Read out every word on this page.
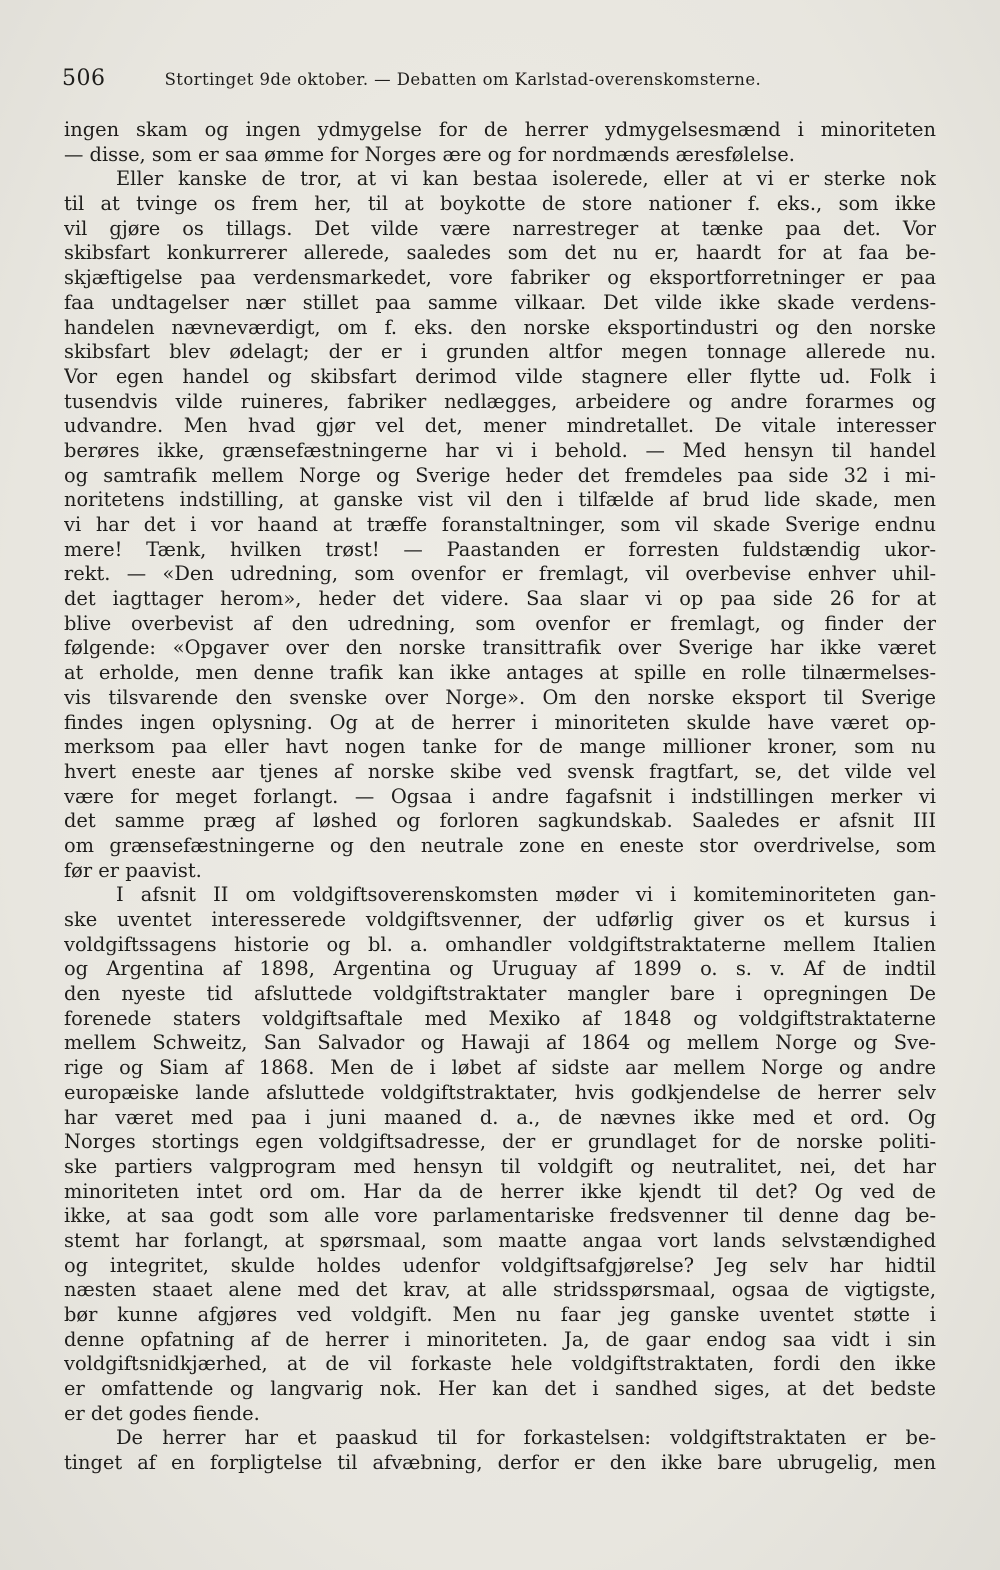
506	Stortinget 9de oktober. — Debatten om Karlstad-overenskomsterne.
ingen skam og ingen ydmygelse for de herrer ydmygelsesmænd i minoriteten
— disse, som er saa ømme for Norges ære og for nordmænds æresfølelse.
Eller kanske de tror, at vi kan bestaa isolerede, eller at vi er sterke nok
til at tvinge os frem her, til at boykotte de store nationer f. eks., som ikke
vil gjøre os tillags. Det vilde være narrestreger at tænke paa det. Vor
skibsfart konkurrerer allerede, saaledes som det nu er, haardt for at faa be-
skjæftigelse paa verdensmarkedet, vore fabriker og eksportforretninger er paa
faa undtagelser nær stillet paa samme vilkaar. Det vilde ikke skade verdens-
handelen nævneværdigt, om f. eks. den norske eksportindustri og den norske
skibsfart blev ødelagt; der er i grunden altfor megen tonnage allerede nu.
Vor egen handel og skibsfart derimod vilde stagnere eller flytte ud. Folk i
tusendvis vilde ruineres, fabriker nedlægges, arbeidere og andre forarmes og
udvandre. Men hvad gjør vel det, mener mindretallet. De vitale interesser
berøres ikke, grænsefæstningerne har vi i behold. — Med hensyn til handel
og samtrafik mellem Norge og Sverige heder det fremdeles paa side 32 i mi-
noritetens indstilling, at ganske vist vil den i tilfælde af brud lide skade, men
vi har det i vor haand at træffe foranstaltninger, som vil skade Sverige endnu
mere! Tænk, hvilken trøst! — Paastanden er forresten fuldstændig ukor-
rekt. — «Den udredning, som ovenfor er fremlagt, vil overbevise enhver uhil-
det iagttager herom», heder det videre. Saa slaar vi op paa side 26 for at
blive overbevist af den udredning, som ovenfor er fremlagt, og finder der
følgende: «Opgaver over den norske transittrafik over Sverige har ikke været
at erholde, men denne trafik kan ikke antages at spille en rolle tilnærmelses-
vis tilsvarende den svenske over Norge». Om den norske eksport til Sverige
findes ingen oplysning. Og at de herrer i minoriteten skulde have været op-
merksom paa eller havt nogen tanke for de mange millioner kroner, som nu
hvert eneste aar tjenes af norske skibe ved svensk fragtfart, se, det vilde vel
være for meget forlangt. — Ogsaa i andre fagafsnit i indstillingen merker vi
det samme præg af løshed og forloren sagkundskab. Saaledes er afsnit III
om grænsefæstningerne og den neutrale zone en eneste stor overdrivelse, som
før er paavist.
I afsnit II om voldgiftsoverenskomsten møder vi i komiteminoriteten gan-
ske uventet interesserede voldgiftsvenner, der udførlig giver os et kursus i
voldgiftssagens historie og bl. a. omhandler voldgiftstraktaterne mellem Italien
og Argentina af 1898, Argentina og Uruguay af 1899 o. s. v. Af de indtil
den nyeste tid afsluttede voldgiftstraktater mangler bare i opregningen De
forenede staters voldgiftsaftale med Mexiko af 1848 og voldgiftstraktaterne
mellem Schweitz, San Salvador og Hawaji af 1864 og mellem Norge og Sve-
rige og Siam af 1868. Men de i løbet af sidste aar mellem Norge og andre
europæiske lande afsluttede voldgiftstraktater, hvis godkjendelse de herrer selv
har været med paa i juni maaned d. a., de nævnes ikke med et ord. Og
Norges stortings egen voldgiftsadresse, der er grundlaget for de norske politi-
ske partiers valgprogram med hensyn til voldgift og neutralitet, nei, det har
minoriteten intet ord om. Har da de herrer ikke kjendt til det? Og ved de
ikke, at saa godt som alle vore parlamentariske fredsvenner til denne dag be-
stemt har forlangt, at spørsmaal, som maatte angaa vort lands selvstændighed
og integritet, skulde holdes udenfor voldgiftsafgjørelse? Jeg selv har hidtil
næsten staaet alene med det krav, at alle stridsspørsmaal, ogsaa de vigtigste,
bør kunne afgjøres ved voldgift. Men nu faar jeg ganske uventet støtte i
denne opfatning af de herrer i minoriteten. Ja, de gaar endog saa vidt i sin
voldgiftsnidkjærhed, at de vil forkaste hele voldgiftstraktaten, fordi den ikke
er omfattende og langvarig nok. Her kan det i sandhed siges, at det bedste
er det godes fiende.
De herrer har et paaskud til for forkastelsen: voldgiftstraktaten er be-
tinget af en forpligtelse til afvæbning, derfor er den ikke bare ubrugelig, men
